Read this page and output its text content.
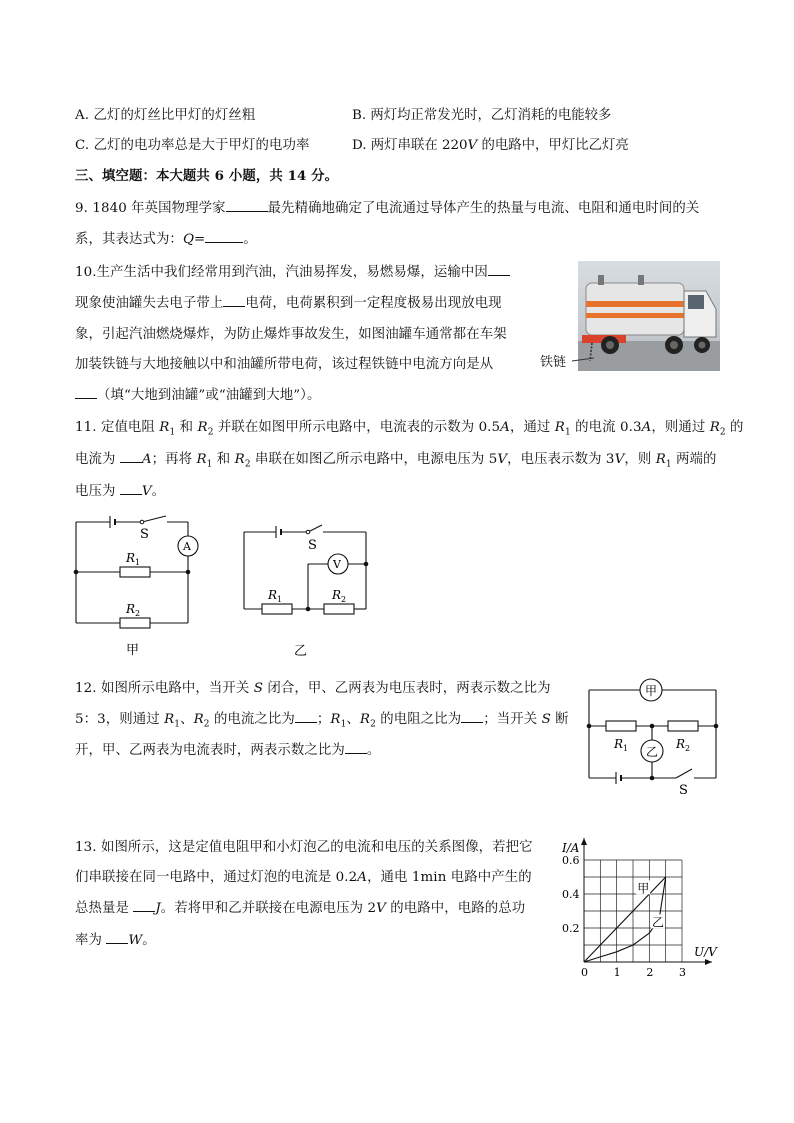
A. 乙灯的灯丝比甲灯的灯丝粗	B. 两灯均正常发光时，乙灯消耗的电能较多
C. 乙灯的电功率总是大于甲灯的电功率	D. 两灯串联在 220V 的电路中，甲灯比乙灯亮
三、填空题：本大题共 6 小题，共 14 分。
9. 1840 年英国物理学家	最先精确地确定了电流通过导体产生的热量与电流、电阻和通电时间的关
系，其表达式为：Q=	。
10.生产生活中我们经常用到汽油，汽油易挥发，易燃易爆，运输中因
现象使油罐失去电子带上 电荷，电荷累积到一定程度极易出现放电现
象，引起汽油燃烧爆炸，为防止爆炸事故发生，如图油罐车通常都在车架
加装铁链与大地接触以中和油罐所带电荷，该过程铁链中电流方向是从
（填“大地到油罐”或“油罐到大地”）。
铁链
11. 定值电阻 $R_1$ 和 $R_2$ 并联在如图甲所示电路中，电流表的示数为 0.5A，通过 $R_1$ 的电流 0.3A，则通过 $R_2$ 的
电流为 A；再将 $R_1$ 和 $R_2$ 串联在如图乙所示电路中，电源电压为 5V，电压表示数为 3V，则 $R_1$ 两端的
电压为 V。
S
A
R 1
R 2
甲
S
V
R 1	R 2
乙
12. 如图所示电路中，当开关 S 闭合，甲、乙两表为电压表时，两表示数之比为
5：3，则通过 $R_1$、$R_2$ 的电流之比为 ；$R_1$、$R_2$ 的电阻之比为 ；当开关 S 断
开，甲、乙两表为电流表时，两表示数之比为 。
甲
乙
R 1	R 2
S
13. 如图所示，这是定值电阻甲和小灯泡乙的电流和电压的关系图像，若把它
们串联接在同一电路中，通过灯泡的电流是 0.2A，通电 1min 电路中产生的
总热量是 J。若将甲和乙并联接在电源电压为 2V 的电路中，电路的总功
率为 W。
I/A
U/V
0 1 2 3
0.2
0.4
0.6
甲
乙
